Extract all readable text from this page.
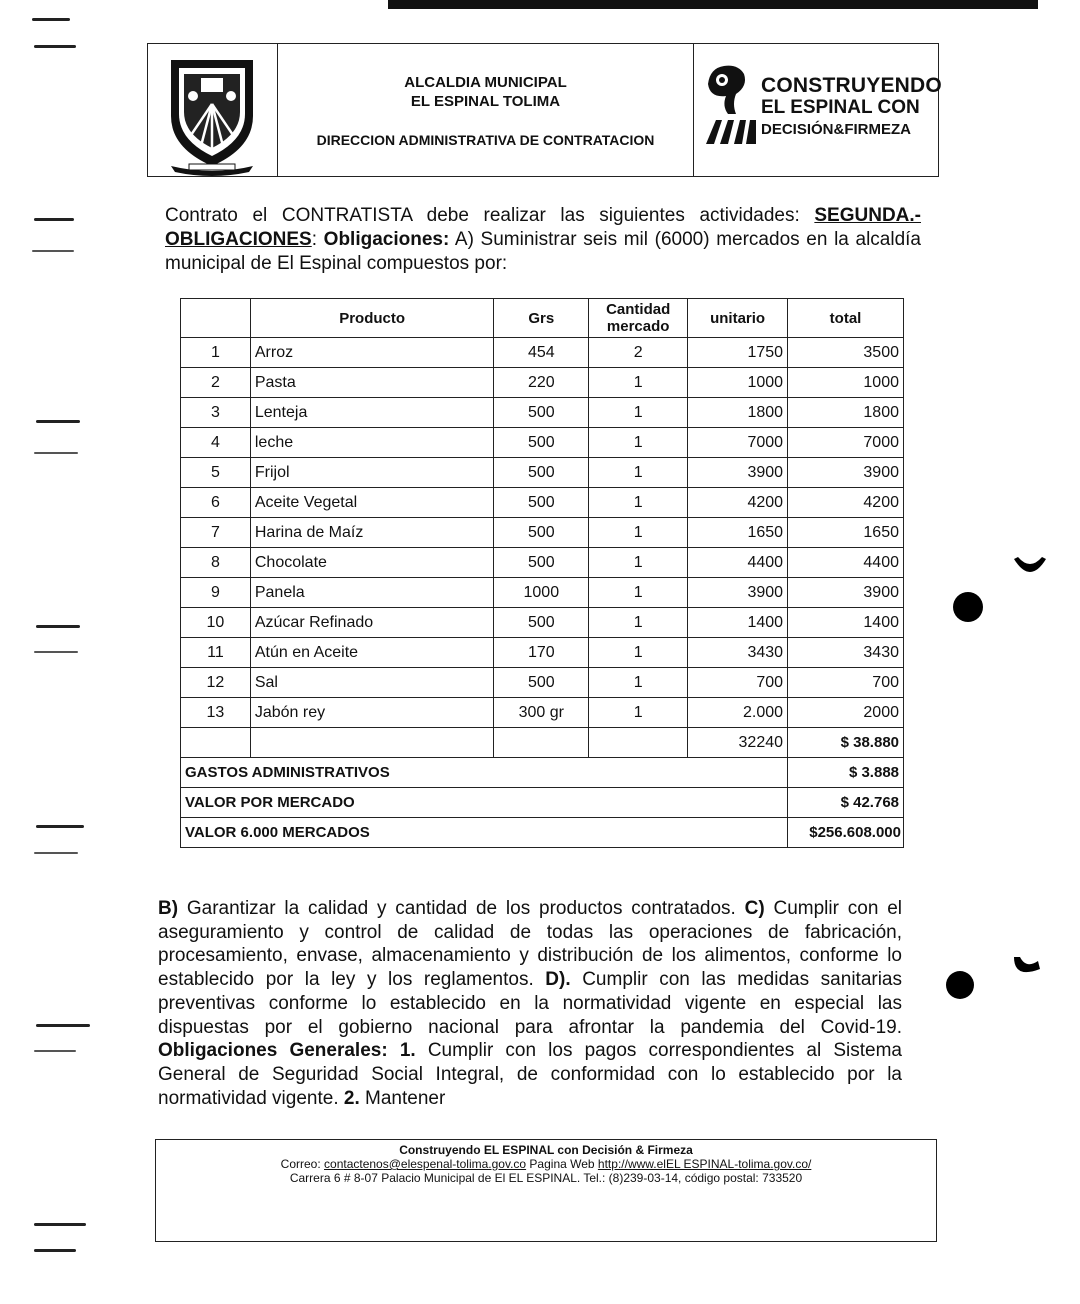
ALCALDIA MUNICIPAL
EL ESPINAL TOLIMA
DIRECCION ADMINISTRATIVA DE CONTRATACION
CONSTRUYENDO
EL ESPINAL CON
DECISIÓN&FIRMEZA
Contrato el CONTRATISTA debe realizar las siguientes actividades: SEGUNDA.- OBLIGACIONES: Obligaciones: A) Suministrar seis mil (6000) mercados en la alcaldía municipal de El Espinal compuestos por:
	Producto	Grs	Cantidad mercado	unitario	total
1	Arroz	454	2	1750	3500
2	Pasta	220	1	1000	1000
3	Lenteja	500	1	1800	1800
4	leche	500	1	7000	7000
5	Frijol	500	1	3900	3900
6	Aceite Vegetal	500	1	4200	4200
7	Harina de Maíz	500	1	1650	1650
8	Chocolate	500	1	4400	4400
9	Panela	1000	1	3900	3900
10	Azúcar Refinado	500	1	1400	1400
11	Atún en Aceite	170	1	3430	3430
12	Sal	500	1	700	700
13	Jabón rey	300 gr	1	2.000	2000
				32240	$ 38.880
GASTOS ADMINISTRATIVOS					$ 3.888
VALOR POR MERCADO					$ 42.768
VALOR 6.000 MERCADOS					$256.608.000
B) Garantizar la calidad y cantidad de los productos contratados. C) Cumplir con el aseguramiento y control de calidad de todas las operaciones de fabricación, procesamiento, envase, almacenamiento y distribución de los alimentos, conforme lo establecido por la ley y los reglamentos. D). Cumplir con las medidas sanitarias preventivas conforme lo establecido en la normatividad vigente en especial las dispuestas por el gobierno nacional para afrontar la pandemia del Covid-19. Obligaciones Generales: 1. Cumplir con los pagos correspondientes al Sistema General de Seguridad Social Integral, de conformidad con lo establecido por la normatividad vigente. 2. Mantener
Construyendo EL ESPINAL con Decisión & Firmeza
Correo: contactenos@elespenal-tolima.gov.co Pagina Web http://www.elEL ESPINAL-tolima.gov.co/
Carrera 6 # 8-07 Palacio Municipal de El EL ESPINAL. Tel.: (8)239-03-14, código postal: 733520
